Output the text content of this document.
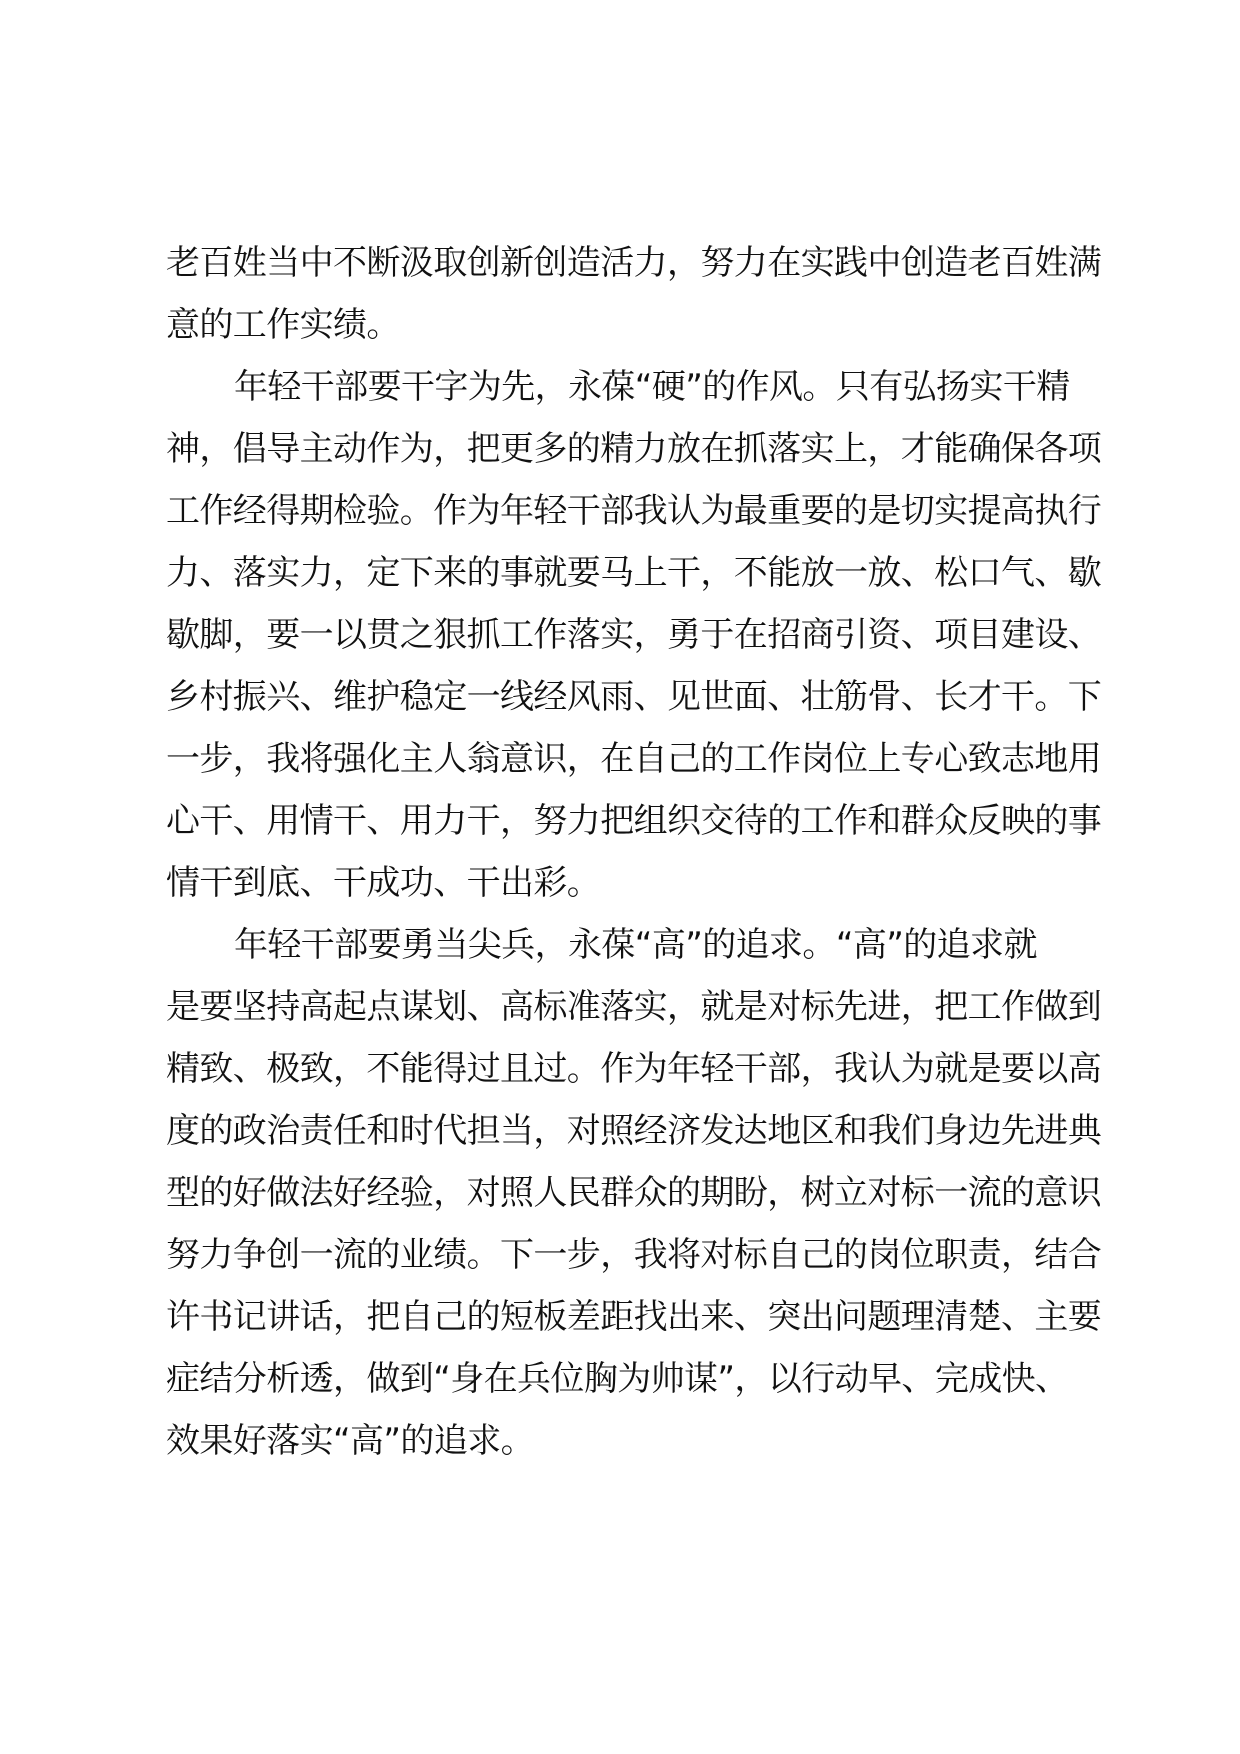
老百姓当中不断汲取创新创造活力，努力在实践中创造老百姓满
意的工作实绩。
年轻干部要干字为先，永葆“硬”的作风。只有弘扬实干精
神，倡导主动作为，把更多的精力放在抓落实上，才能确保各项
工作经得期检验。作为年轻干部我认为最重要的是切实提高执行
力、落实力，定下来的事就要马上干，不能放一放、松口气、歇
歇脚，要一以贯之狠抓工作落实，勇于在招商引资、项目建设、
乡村振兴、维护稳定一线经风雨、见世面、壮筋骨、长才干。下
一步，我将强化主人翁意识，在自己的工作岗位上专心致志地用
心干、用情干、用力干，努力把组织交待的工作和群众反映的事
情干到底、干成功、干出彩。
年轻干部要勇当尖兵，永葆“高”的追求。“高”的追求就
是要坚持高起点谋划、高标准落实，就是对标先进，把工作做到
精致、极致，不能得过且过。作为年轻干部，我认为就是要以高
度的政治责任和时代担当，对照经济发达地区和我们身边先进典
型的好做法好经验，对照人民群众的期盼，树立对标一流的意识
努力争创一流的业绩。下一步，我将对标自己的岗位职责，结合
许书记讲话，把自己的短板差距找出来、突出问题理清楚、主要
症结分析透，做到“身在兵位胸为帅谋”，以行动早、完成快、
效果好落实“高”的追求。
